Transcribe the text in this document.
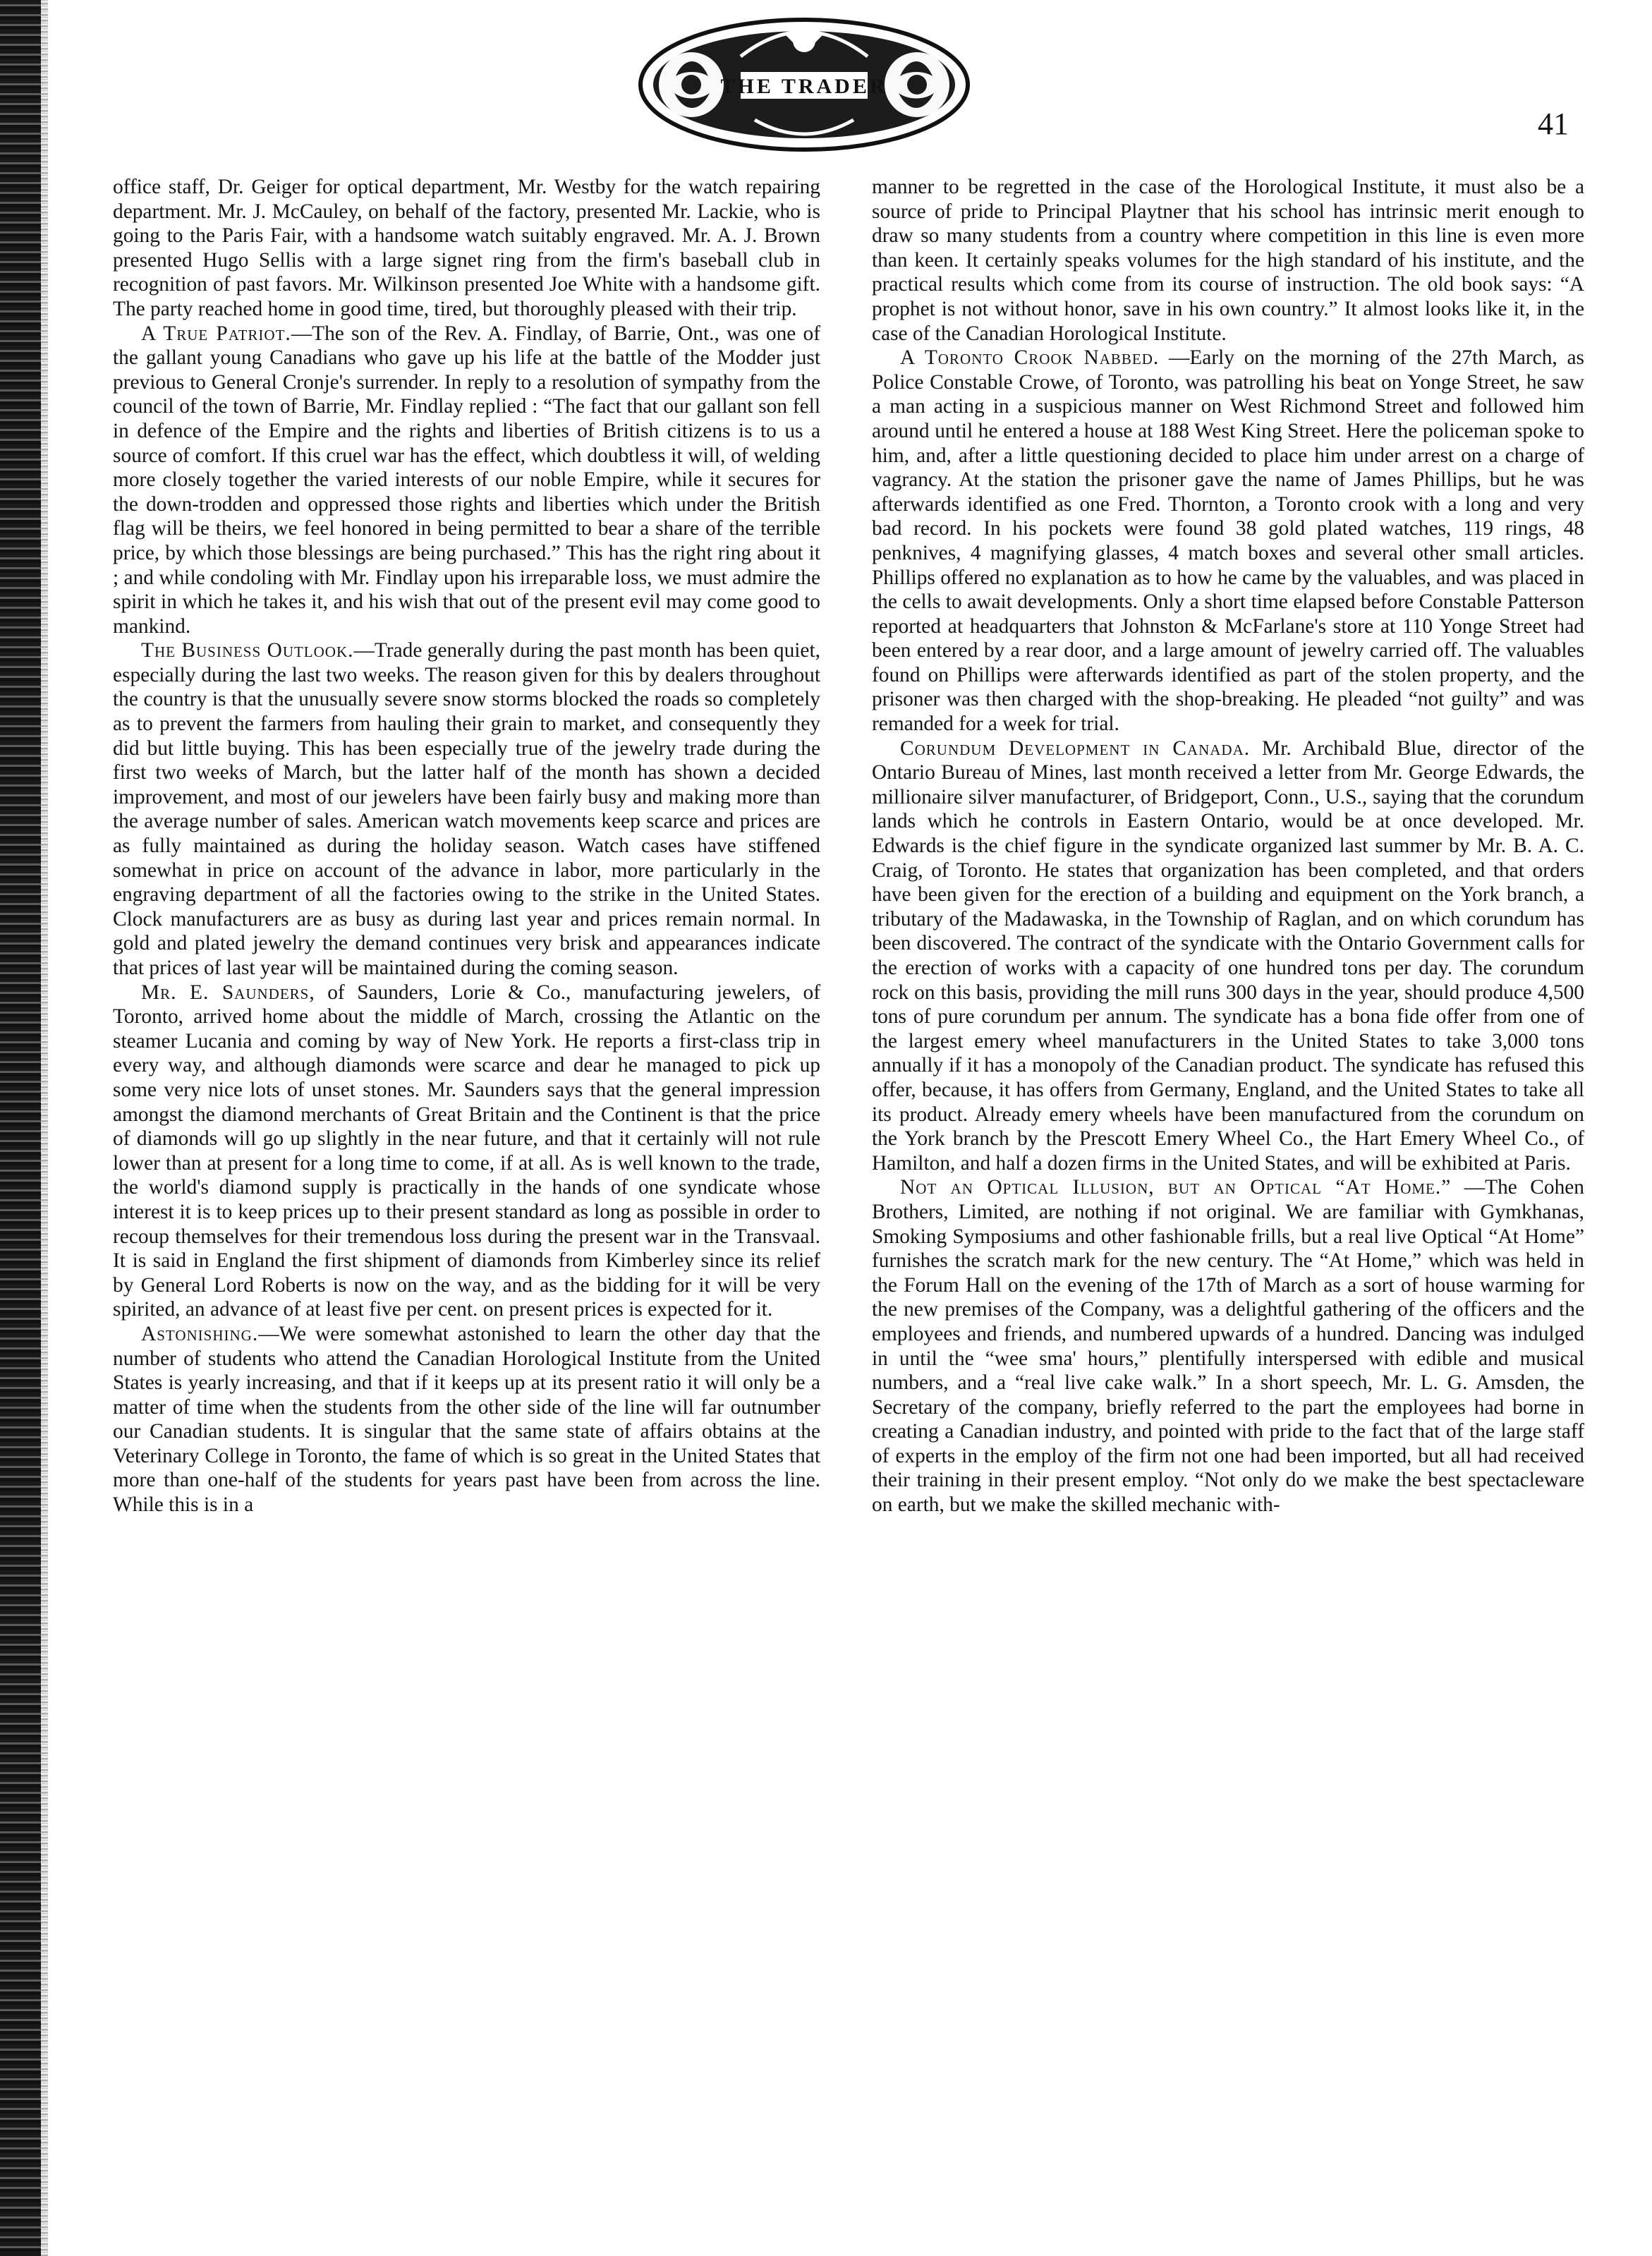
THE TRADER
41

office staff, Dr. Geiger for optical department, Mr. Westby for the watch repairing department. Mr. J. McCauley, on behalf of the factory, presented Mr. Lackie, who is going to the Paris Fair, with a handsome watch suitably engraved. Mr. A. J. Brown presented Hugo Sellis with a large signet ring from the firm's baseball club in recognition of past favors. Mr. Wilkinson presented Joe White with a handsome gift. The party reached home in good time, tired, but thoroughly pleased with their trip.

A True Patriot.—The son of the Rev. A. Findlay, of Barrie, Ont., was one of the gallant young Canadians who gave up his life at the battle of the Modder just previous to General Cronje's surrender. In reply to a resolution of sympathy from the council of the town of Barrie, Mr. Findlay replied : “The fact that our gallant son fell in defence of the Empire and the rights and liberties of British citizens is to us a source of comfort. If this cruel war has the effect, which doubtless it will, of welding more closely together the varied interests of our noble Empire, while it secures for the down-trodden and oppressed those rights and liberties which under the British flag will be theirs, we feel honored in being permitted to bear a share of the terrible price, by which those blessings are being purchased.” This has the right ring about it ; and while condoling with Mr. Findlay upon his irreparable loss, we must admire the spirit in which he takes it, and his wish that out of the present evil may come good to mankind.

The Business Outlook.—Trade generally during the past month has been quiet, especially during the last two weeks. The reason given for this by dealers throughout the country is that the unusually severe snow storms blocked the roads so completely as to prevent the farmers from hauling their grain to market, and consequently they did but little buying. This has been especially true of the jewelry trade during the first two weeks of March, but the latter half of the month has shown a decided improvement, and most of our jewelers have been fairly busy and making more than the average number of sales. American watch movements keep scarce and prices are as fully maintained as during the holiday season. Watch cases have stiffened somewhat in price on account of the advance in labor, more particularly in the engraving department of all the factories owing to the strike in the United States. Clock manufacturers are as busy as during last year and prices remain normal. In gold and plated jewelry the demand continues very brisk and appearances indicate that prices of last year will be maintained during the coming season.

Mr. E. Saunders, of Saunders, Lorie & Co., manufacturing jewelers, of Toronto, arrived home about the middle of March, crossing the Atlantic on the steamer Lucania and coming by way of New York. He reports a first-class trip in every way, and although diamonds were scarce and dear he managed to pick up some very nice lots of unset stones. Mr. Saunders says that the general impression amongst the diamond merchants of Great Britain and the Continent is that the price of diamonds will go up slightly in the near future, and that it certainly will not rule lower than at present for a long time to come, if at all. As is well known to the trade, the world's diamond supply is practically in the hands of one syndicate whose interest it is to keep prices up to their present standard as long as possible in order to recoup themselves for their tremendous loss during the present war in the Transvaal. It is said in England the first shipment of diamonds from Kimberley since its relief by General Lord Roberts is now on the way, and as the bidding for it will be very spirited, an advance of at least five per cent. on present prices is expected for it.

Astonishing.—We were somewhat astonished to learn the other day that the number of students who attend the Canadian Horological Institute from the United States is yearly increasing, and that if it keeps up at its present ratio it will only be a matter of time when the students from the other side of the line will far outnumber our Canadian students. It is singular that the same state of affairs obtains at the Veterinary College in Toronto, the fame of which is so great in the United States that more than one-half of the students for years past have been from across the line. While this is in a

manner to be regretted in the case of the Horological Institute, it must also be a source of pride to Principal Playtner that his school has intrinsic merit enough to draw so many students from a country where competition in this line is even more than keen. It certainly speaks volumes for the high standard of his institute, and the practical results which come from its course of instruction. The old book says: “A prophet is not without honor, save in his own country.” It almost looks like it, in the case of the Canadian Horological Institute.

A Toronto Crook Nabbed. —Early on the morning of the 27th March, as Police Constable Crowe, of Toronto, was patrolling his beat on Yonge Street, he saw a man acting in a suspicious manner on West Richmond Street and followed him around until he entered a house at 188 West King Street. Here the policeman spoke to him, and, after a little questioning decided to place him under arrest on a charge of vagrancy. At the station the prisoner gave the name of James Phillips, but he was afterwards identified as one Fred. Thornton, a Toronto crook with a long and very bad record. In his pockets were found 38 gold plated watches, 119 rings, 48 penknives, 4 magnifying glasses, 4 match boxes and several other small articles. Phillips offered no explanation as to how he came by the valuables, and was placed in the cells to await developments. Only a short time elapsed before Constable Patterson reported at headquarters that Johnston & McFarlane's store at 110 Yonge Street had been entered by a rear door, and a large amount of jewelry carried off. The valuables found on Phillips were afterwards identified as part of the stolen property, and the prisoner was then charged with the shop-breaking. He pleaded “not guilty” and was remanded for a week for trial.

Corundum Development in Canada. Mr. Archibald Blue, director of the Ontario Bureau of Mines, last month received a letter from Mr. George Edwards, the millionaire silver manufacturer, of Bridgeport, Conn., U.S., saying that the corundum lands which he controls in Eastern Ontario, would be at once developed. Mr. Edwards is the chief figure in the syndicate organized last summer by Mr. B. A. C. Craig, of Toronto. He states that organization has been completed, and that orders have been given for the erection of a building and equipment on the York branch, a tributary of the Madawaska, in the Township of Raglan, and on which corundum has been discovered. The contract of the syndicate with the Ontario Government calls for the erection of works with a capacity of one hundred tons per day. The corundum rock on this basis, providing the mill runs 300 days in the year, should produce 4,500 tons of pure corundum per annum. The syndicate has a bona fide offer from one of the largest emery wheel manufacturers in the United States to take 3,000 tons annually if it has a monopoly of the Canadian product. The syndicate has refused this offer, because, it has offers from Germany, England, and the United States to take all its product. Already emery wheels have been manufactured from the corundum on the York branch by the Prescott Emery Wheel Co., the Hart Emery Wheel Co., of Hamilton, and half a dozen firms in the United States, and will be exhibited at Paris.

Not an Optical Illusion, but an Optical “At Home.” —The Cohen Brothers, Limited, are nothing if not original. We are familiar with Gymkhanas, Smoking Symposiums and other fashionable frills, but a real live Optical “At Home” furnishes the scratch mark for the new century. The “At Home,” which was held in the Forum Hall on the evening of the 17th of March as a sort of house warming for the new premises of the Company, was a delightful gathering of the officers and the employees and friends, and numbered upwards of a hundred. Dancing was indulged in until the “wee sma' hours,” plentifully interspersed with edible and musical numbers, and a “real live cake walk.” In a short speech, Mr. L. G. Amsden, the Secretary of the company, briefly referred to the part the employees had borne in creating a Canadian industry, and pointed with pride to the fact that of the large staff of experts in the employ of the firm not one had been imported, but all had received their training in their present employ. “Not only do we make the best spectacleware on earth, but we make the skilled mechanic with-
